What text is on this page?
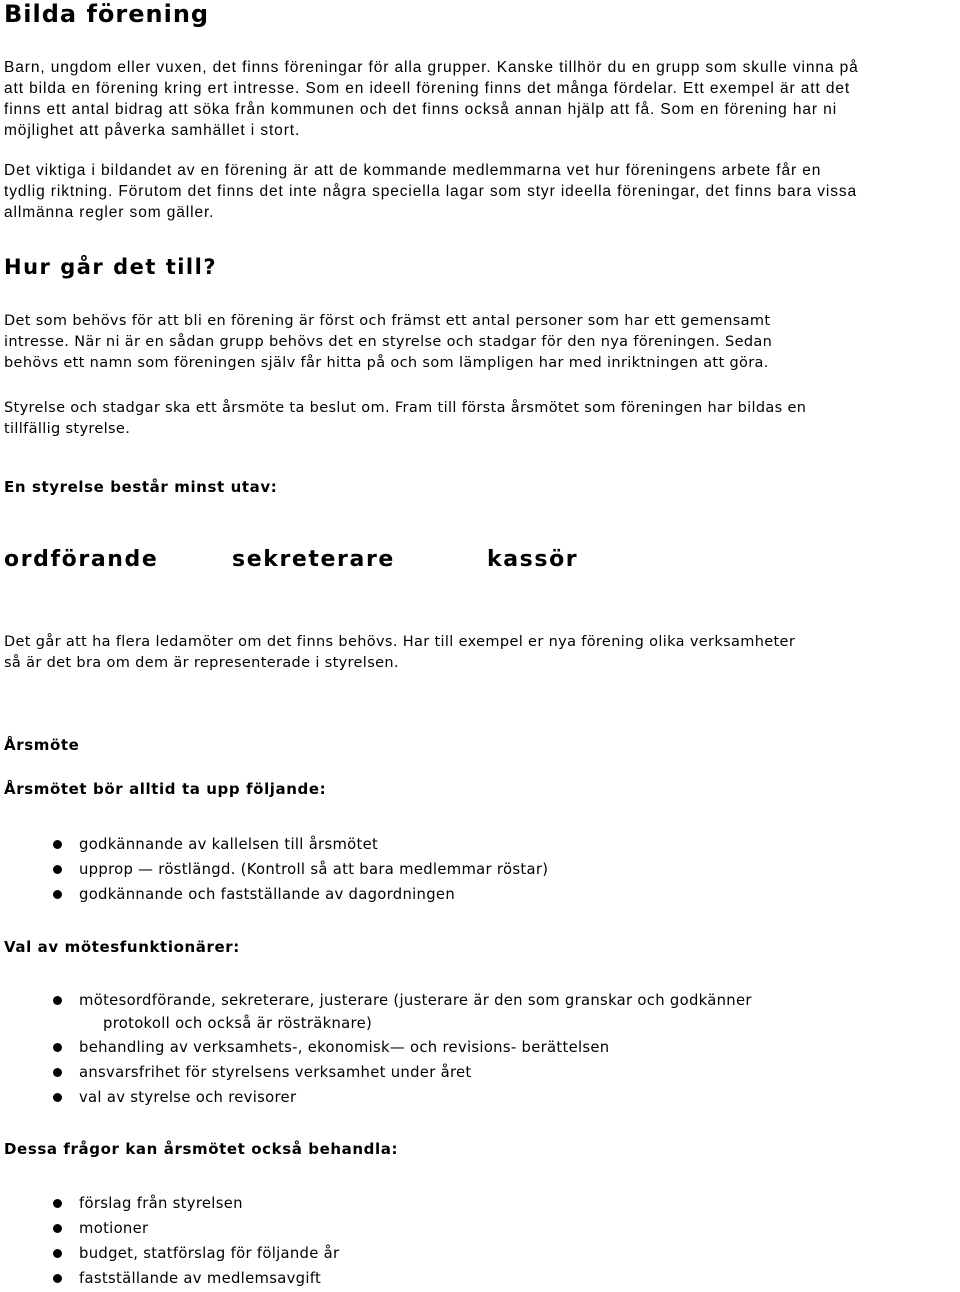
Bilda förening
Barn, ungdom eller vuxen, det finns föreningar för alla grupper. Kanske tillhör du en grupp som skulle vinna på
att bilda en förening kring ert intresse. Som en ideell förening finns det många fördelar. Ett exempel är att det
finns ett antal bidrag att söka från kommunen och det finns också annan hjälp att få. Som en förening har ni
möjlighet att påverka samhället i stort.
Det viktiga i bildandet av en förening är att de kommande medlemmarna vet hur föreningens arbete får en
tydlig riktning. Förutom det finns det inte några speciella lagar som styr ideella föreningar, det finns bara vissa
allmänna regler som gäller.
Hur går det till?
Det som behövs för att bli en förening är först och främst ett antal personer som har ett gemensamt
intresse. När ni är en sådan grupp behövs det en styrelse och stadgar för den nya föreningen. Sedan
behövs ett namn som föreningen själv får hitta på och som lämpligen har med inriktningen att göra.
Styrelse och stadgar ska ett årsmöte ta beslut om. Fram till första årsmötet som föreningen har bildas en
tillfällig styrelse.
En styrelse består minst utav:
ordförande	sekreterare	kassör
Det går att ha flera ledamöter om det finns behövs. Har till exempel er nya förening olika verksamheter
så är det bra om dem är representerade i styrelsen.
Årsmöte
Årsmötet bör alltid ta upp följande:
godkännande av kallelsen till årsmötet
upprop — röstlängd. (Kontroll så att bara medlemmar röstar)
godkännande och fastställande av dagordningen
Val av mötesfunktionärer:
mötesordförande, sekreterare, justerare (justerare är den som granskar och godkänner
protokoll och också är rösträknare)
behandling av verksamhets-, ekonomisk— och revisions- berättelsen
ansvarsfrihet för styrelsens verksamhet under året
val av styrelse och revisorer
Dessa frågor kan årsmötet också behandla:
förslag från styrelsen
motioner
budget, statförslag för följande år
fastställande av medlemsavgift
